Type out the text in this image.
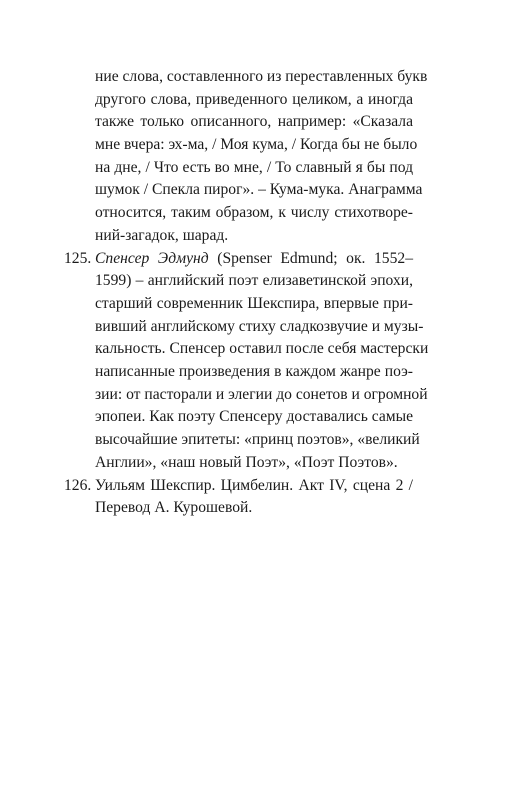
ние слова, составленного из переставленных букв
другого слова, приведенного целиком, а иногда
также только описанного, например: «Сказала
мне вчера: эх-ма, / Моя кума, / Когда бы не было
на дне, / Что есть во мне, / То славный я бы под
шумок / Спекла пирог». – Кума-мука. Анаграмма
относится, таким образом, к числу стихотворе-
ний-загадок, шарад.
125. Спенсер Эдмунд (Spenser Edmund; ок. 1552–
1599) – английский поэт елизаветинской эпохи,
старший современник Шекспира, впервые при-
вивший английскому стиху сладкозвучие и музы-
кальность. Спенсер оставил после себя мастерски
написанные произведения в каждом жанре поэ-
зии: от пасторали и элегии до сонетов и огромной
эпопеи. Как поэту Спенсеру доставались самые
высочайшие эпитеты: «принц поэтов», «великий
Англии», «наш новый Поэт», «Поэт Поэтов».
126. Уильям Шекспир. Цимбелин. Акт IV, сцена 2 /
Перевод А. Курошевой.
